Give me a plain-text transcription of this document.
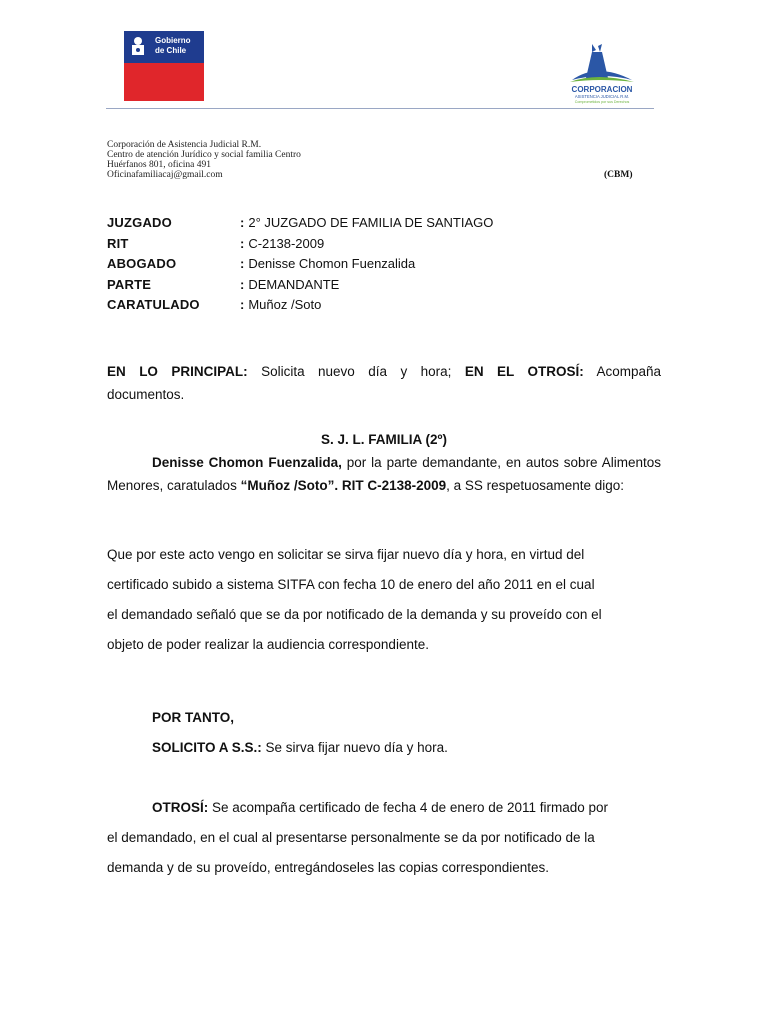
Gobierno
de Chile
CORPORACION
ASISTENCIA JUDICIAL R.M.
Comprometidos por sus Derechos
Corporación de Asistencia Judicial R.M.
Centro de atención Jurídico y social familia Centro
Huérfanos 801, oficina 491
Oficinafamiliacaj@gmail.com	(CBM)
JUZGADO	: 2° JUZGADO DE FAMILIA DE SANTIAGO
RIT	: C-2138-2009
ABOGADO	: Denisse Chomon Fuenzalida
PARTE	: DEMANDANTE
CARATULADO	: Muñoz /Soto
EN LO PRINCIPAL: Solicita nuevo día y hora; EN EL OTROSÍ: Acompaña documentos.
S. J. L. FAMILIA (2º)
Denisse Chomon Fuenzalida, por la parte demandante, en autos sobre Alimentos Menores, caratulados “Muñoz /Soto”. RIT C-2138-2009, a SS respetuosamente digo:
Que por este acto vengo en solicitar se sirva fijar nuevo día y hora, en virtud del
certificado subido a sistema SITFA con fecha 10 de enero del año 2011 en el cual
el demandado señaló que se da por notificado de la demanda y su proveído con el
objeto de poder realizar la audiencia correspondiente.
POR TANTO,
SOLICITO A S.S.: Se sirva fijar nuevo día y hora.
OTROSÍ: Se acompaña certificado de fecha 4 de enero de 2011 firmado por
el demandado, en el cual al presentarse personalmente se da por notificado de la
demanda y de su proveído, entregándoseles las copias correspondientes.
